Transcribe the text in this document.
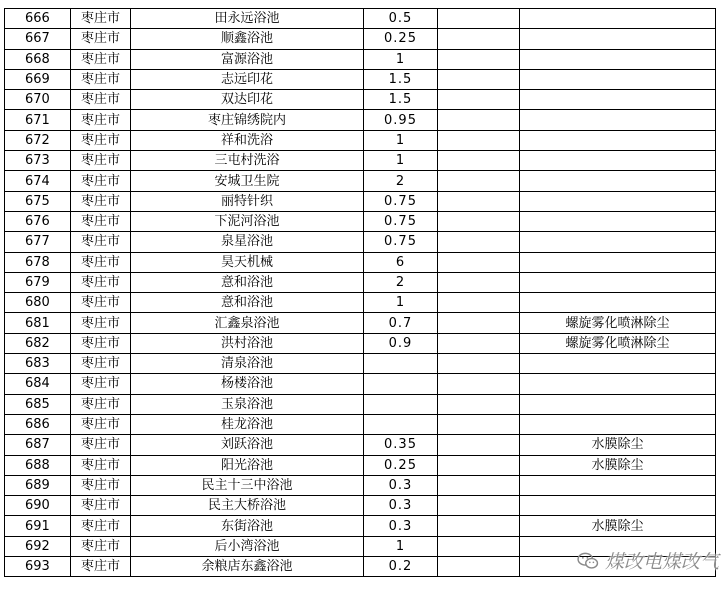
666	枣庄市	田永远浴池	0.5		
667	枣庄市	顺鑫浴池	0.25		
668	枣庄市	富源浴池	1		
669	枣庄市	志远印花	1.5		
670	枣庄市	双达印花	1.5		
671	枣庄市	枣庄锦绣院内	0.95		
672	枣庄市	祥和洗浴	1		
673	枣庄市	三屯村洗浴	1		
674	枣庄市	安城卫生院	2		
675	枣庄市	丽特针织	0.75		
676	枣庄市	下泥河浴池	0.75		
677	枣庄市	泉星浴池	0.75		
678	枣庄市	昊天机械	6		
679	枣庄市	意和浴池	2		
680	枣庄市	意和浴池	1		
681	枣庄市	汇鑫泉浴池	0.7		螺旋雾化喷淋除尘
682	枣庄市	洪村浴池	0.9		螺旋雾化喷淋除尘
683	枣庄市	清泉浴池			
684	枣庄市	杨楼浴池			
685	枣庄市	玉泉浴池			
686	枣庄市	桂龙浴池			
687	枣庄市	刘跃浴池	0.35		水膜除尘
688	枣庄市	阳光浴池	0.25		水膜除尘
689	枣庄市	民主十三中浴池	0.3		
690	枣庄市	民主大桥浴池	0.3		
691	枣庄市	东街浴池	0.3		水膜除尘
692	枣庄市	后小湾浴池	1		
693	枣庄市	余粮店东鑫浴池	0.2			煤改电煤改气
